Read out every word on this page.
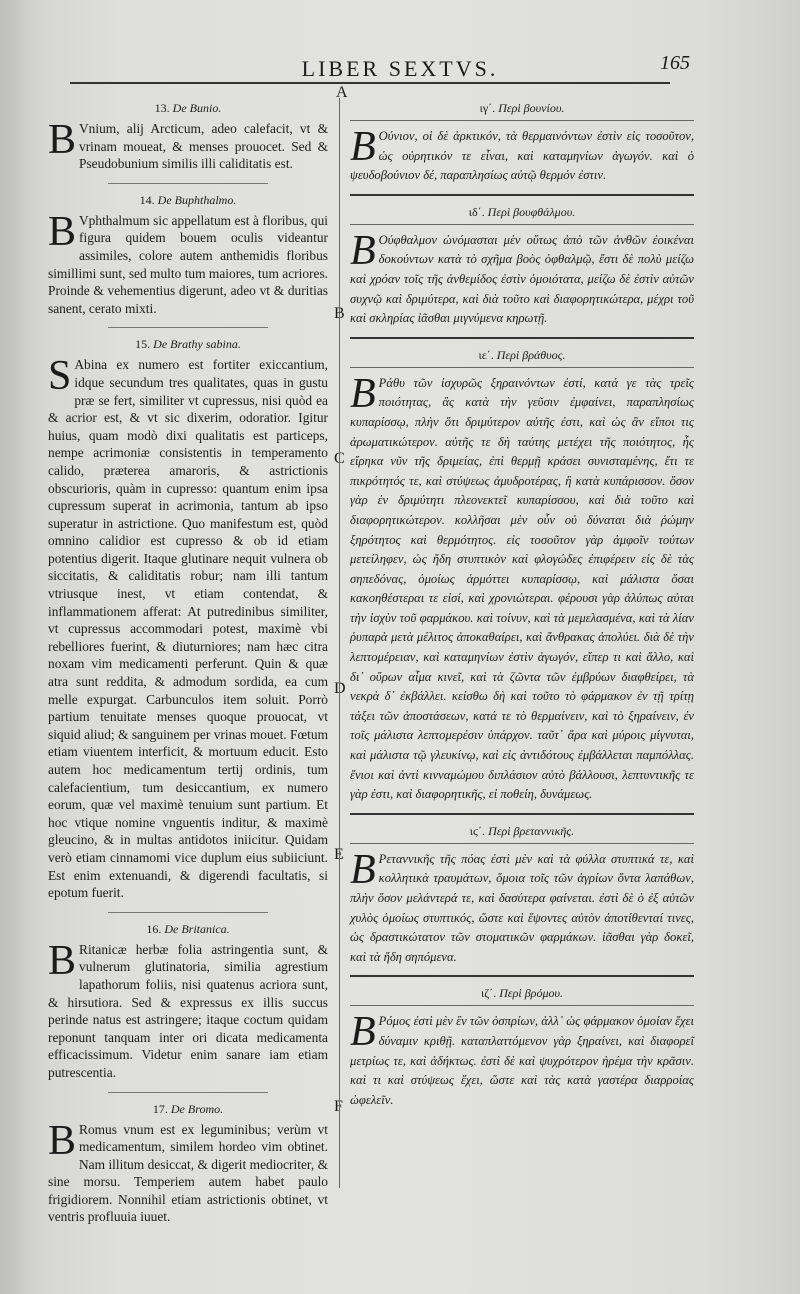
LIBER SEXTVS.	165
A
B
C
D
E
F
13. De Bunio.

B Vnium, alij Arcticum, adeo calefacit, vt & vrinam moueat, & menses prouocet. Sed & Pseudobunium similis illi caliditatis est.

14. De Buphthalmo.

B Vphthalmum sic appellatum est à floribus, qui figura quidem bouem oculis videantur assimiles, colore autem anthemidis floribus simillimi sunt, sed multo tum maiores, tum acriores. Proinde & vehementius digerunt, adeo vt & duritias sanent, cerato mixti.

15. De Brathy sabina.

S Abina ex numero est fortiter exiccantium, idque secundum tres qualitates, quas in gustu præ se fert, similiter vt cupressus, nisi quòd ea & acrior est, & vt sic dixerim, odoratior. Igitur huius, quam modò dixi qualitatis est particeps, nempe acrimoniæ consistentis in temperamento calido, præterea amaroris, & astrictionis obscurioris, quàm in cupresso: quantum enim ipsa cupressum superat in acrimonia, tantum ab ipso superatur in astrictione. Quo manifestum est, quòd omnino calidior est cupresso & ob id etiam potentius digerit. Itaque glutinare nequit vulnera ob siccitatis, & caliditatis robur; nam illi tantum vtriusque inest, vt etiam contendat, & inflammationem afferat: At putredinibus similiter, vt cupressus accommodari potest, maximè vbi rebelliores fuerint, & diuturniores; nam hæc citra noxam vim medicamenti perferunt. Quin & quæ atra sunt reddita, & admodum sordida, ea cum melle expurgat. Carbunculos item soluit. Porrò partium tenuitate menses quoque prouocat, vt siquid aliud; & sanguinem per vrinas mouet. Fœtum etiam viuentem interficit, & mortuum educit. Esto autem hoc medicamentum tertij ordinis, tum calefacientium, tum desiccantium, ex numero eorum, quæ vel maximè tenuium sunt partium. Et hoc vtique nomine vnguentis inditur, & maximè gleucino, & in multas antidotos iniicitur. Quidam verò etiam cinnamomi vice duplum eius subiiciunt. Est enim extenuandi, & digerendi facultatis, si epotum fuerit.

16. De Britanica.

B Ritanicæ herbæ folia astringentia sunt, & vulnerum glutinatoria, similia agrestium lapathorum foliis, nisi quatenus acriora sunt, & hirsutiora. Sed & expressus ex illis succus perinde natus est astringere; itaque coctum quidam reponunt tanquam inter ori dicata medicamenta efficacissimum. Videtur enim sanare iam etiam putrescentia.

17. De Bromo.

B Romus vnum est ex leguminibus; verùm vt medicamentum, similem hordeo vim obtinet. Nam illitum desiccat, & digerit mediocriter, & sine morsu. Temperiem autem habet paulo frigidiorem. Nonnihil etiam astrictionis obtinet, vt ventris profluuia iuuet.

ιγ΄. Περὶ βουνίου.

Β Ούνιον, οἱ δὲ ἀρκτικόν, τὰ θερμαινόντων ἐστὶν εἰς τοσοῦτον, ὡς οὐρητικόν τε εἶναι, καὶ καταμηνίων ἀγωγόν. καὶ ὁ ψευδοβούνιον δέ, παραπλησίως αὐτῷ θερμόν ἐστιν.

ιδ΄. Περὶ βουφθάλμου.

Β Ούφθαλμον ὠνόμασται μὲν οὕτως ἀπὸ τῶν ἀνθῶν ἐοικέναι δοκούντων κατὰ τὸ σχῆμα βοὸς ὀφθαλμῷ, ἔστι δὲ πολὺ μείζω καὶ χρόαν τοῖς τῆς ἀνθεμίδος ἐστὶν ὁμοιότατα, μείζω δὲ ἐστὶν αὐτῶν συχνῷ καὶ δριμύτερα, καὶ διὰ τοῦτο καὶ διαφορητικώτερα, μέχρι τοῦ καὶ σκληρίας ἰᾶσθαι μιγνύμενα κηρωτῇ.

ιε΄. Περὶ βράθυος.

Β Ράθυ τῶν ἰσχυρῶς ξηραινόντων ἐστί, κατά γε τὰς τρεῖς ποιότητας, ἃς κατὰ τὴν γεῦσιν ἐμφαίνει, παραπλησίως κυπαρίσσῳ, πλὴν ὅτι δριμύτερον αὐτῆς ἐστι, καὶ ὡς ἂν εἴποι τις ἀρωματικώτερον. αὐτῆς τε δὴ ταύτης μετέχει τῆς ποιότητος, ἧς εἴρηκα νῦν τῆς δριμείας, ἐπὶ θερμῇ κράσει συνισταμένης, ἔτι τε πικρότητός τε, καὶ στύψεως ἀμυδροτέρας, ἢ κατὰ κυπάρισσον. ὅσον γὰρ ἐν δριμύτητι πλεονεκτεῖ κυπαρίσσου, καὶ διὰ τοῦτο καὶ διαφορητικώτερον. κολλῆσαι μὲν οὖν οὐ δύναται διὰ ῥώμην ξηρότητος καὶ θερμότητος. εἰς τοσοῦτον γὰρ ἀμφοῖν τούτων μετείληφεν, ὡς ἤδη στυπτικὸν καὶ φλογώδες ἐπιφέρειν εἰς δὲ τὰς σηπεδόνας, ὁμοίως ἁρμόττει κυπαρίσσῳ, καὶ μάλιστα ὅσαι κακοηθέστεραι τε εἰσί, καὶ χρονιώτεραι. φέρουσι γὰρ ἀλύπως αὐται τὴν ἰσχὺν τοῦ φαρμάκου. καὶ τοίνυν, καὶ τὰ μεμελασμένα, καὶ τὰ λίαν ῥυπαρὰ μετὰ μέλιτος ἀποκαθαίρει, καὶ ἄνθρακας ἀπολύει. διὰ δὲ τὴν λεπτομέρειαν, καὶ καταμηνίων ἐστὶν ἀγωγόν, εἴπερ τι καὶ ἄλλο, καὶ δι᾽ οὔρων αἷμα κινεῖ, καὶ τὰ ζῶντα τῶν ἐμβρύων διαφθείρει, τὰ νεκρὰ δ᾽ ἐκβάλλει. κείσθω δὴ καὶ τοῦτο τὸ φάρμακον ἐν τῇ τρίτῃ τάξει τῶν ἀποστάσεων, κατά τε τὸ θερμαίνειν, καὶ τὸ ξηραίνειν, ἐν τοῖς μάλιστα λεπτομερέσιν ὑπάρχον. ταῦτ᾽ ἄρα καὶ μύροις μίγνυται, καὶ μάλιστα τῷ γλευκίνῳ, καὶ εἰς ἀντιδότους ἐμβάλλεται παμπόλλας. ἔνιοι καὶ ἀντὶ κινναμώμου διπλάσιον αὐτὸ βάλλουσι, λεπτυντικῆς τε γὰρ ἐστι, καὶ διαφορητικῆς, εἰ ποθείη, δυνάμεως.

ιϛ΄. Περὶ βρεταννικῆς.

Β Ρεταννικῆς τῆς πόας ἐστὶ μὲν καὶ τὰ φύλλα στυπτικά τε, καὶ κολλητικὰ τραυμάτων, ὅμοια τοῖς τῶν ἀγρίων ὄντα λαπάθων, πλὴν ὅσον μελάντερά τε, καὶ δασύτερα φαίνεται. ἐστὶ δὲ ὁ ἐξ αὐτῶν χυλὸς ὁμοίως στυπτικός, ὥστε καὶ ἕψοντες αὐτὸν ἀποτίθενταί τινες, ὡς δραστικώτατον τῶν στοματικῶν φαρμάκων. ἰᾶσθαι γὰρ δοκεῖ, καὶ τὰ ἤδη σηπόμενα.

ιζ΄. Περὶ βρόμου.

Β Ρόμος ἐστὶ μὲν ἓν τῶν ὀσπρίων, ἀλλ᾽ ὡς φάρμακον ὁμοίαν ἔχει δύναμιν κριθῇ. καταπλαττόμενον γὰρ ξηραίνει, καὶ διαφορεῖ μετρίως τε, καὶ ἀδήκτως. ἐστὶ δὲ καὶ ψυχρότερον ἠρέμα τὴν κρᾶσιν. καὶ τι καὶ στύψεως ἔχει, ὥστε καὶ τὰς κατὰ γαστέρα διαρροίας ὠφελεῖν.
